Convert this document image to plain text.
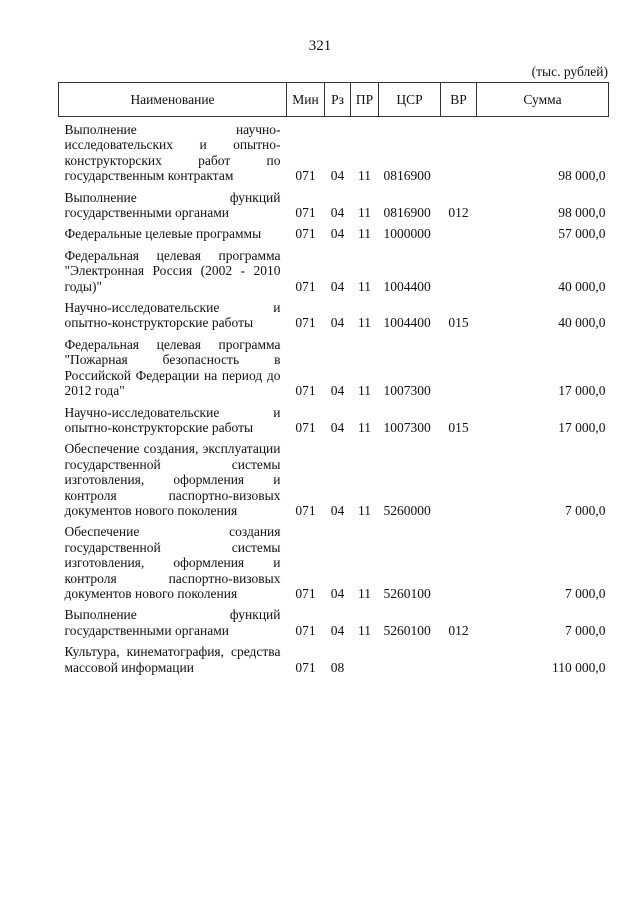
321
(тыс. рублей)
Наименование	Мин	Рз	ПР	ЦСР	ВР	Сумма
Выполнение научно-исследовательских и опытно-конструкторских работ по государственным контрактам	071	04	11	0816900		98 000,0
Выполнение функций государственными органами	071	04	11	0816900	012	98 000,0
Федеральные целевые программы	071	04	11	1000000		57 000,0
Федеральная целевая программа "Электронная Россия (2002 - 2010 годы)"	071	04	11	1004400		40 000,0
Научно-исследовательские и опытно-конструкторские работы	071	04	11	1004400	015	40 000,0
Федеральная целевая программа "Пожарная безопасность в Российской Федерации на период до 2012 года"	071	04	11	1007300		17 000,0
Научно-исследовательские и опытно-конструкторские работы	071	04	11	1007300	015	17 000,0
Обеспечение создания, эксплуатации государственной системы изготовления, оформления и контроля паспортно-визовых документов нового поколения	071	04	11	5260000		7 000,0
Обеспечение создания государственной системы изготовления, оформления и контроля паспортно-визовых документов нового поколения	071	04	11	5260100		7 000,0
Выполнение функций государственными органами	071	04	11	5260100	012	7 000,0
Культура, кинематография, средства массовой информации	071	08				110 000,0
